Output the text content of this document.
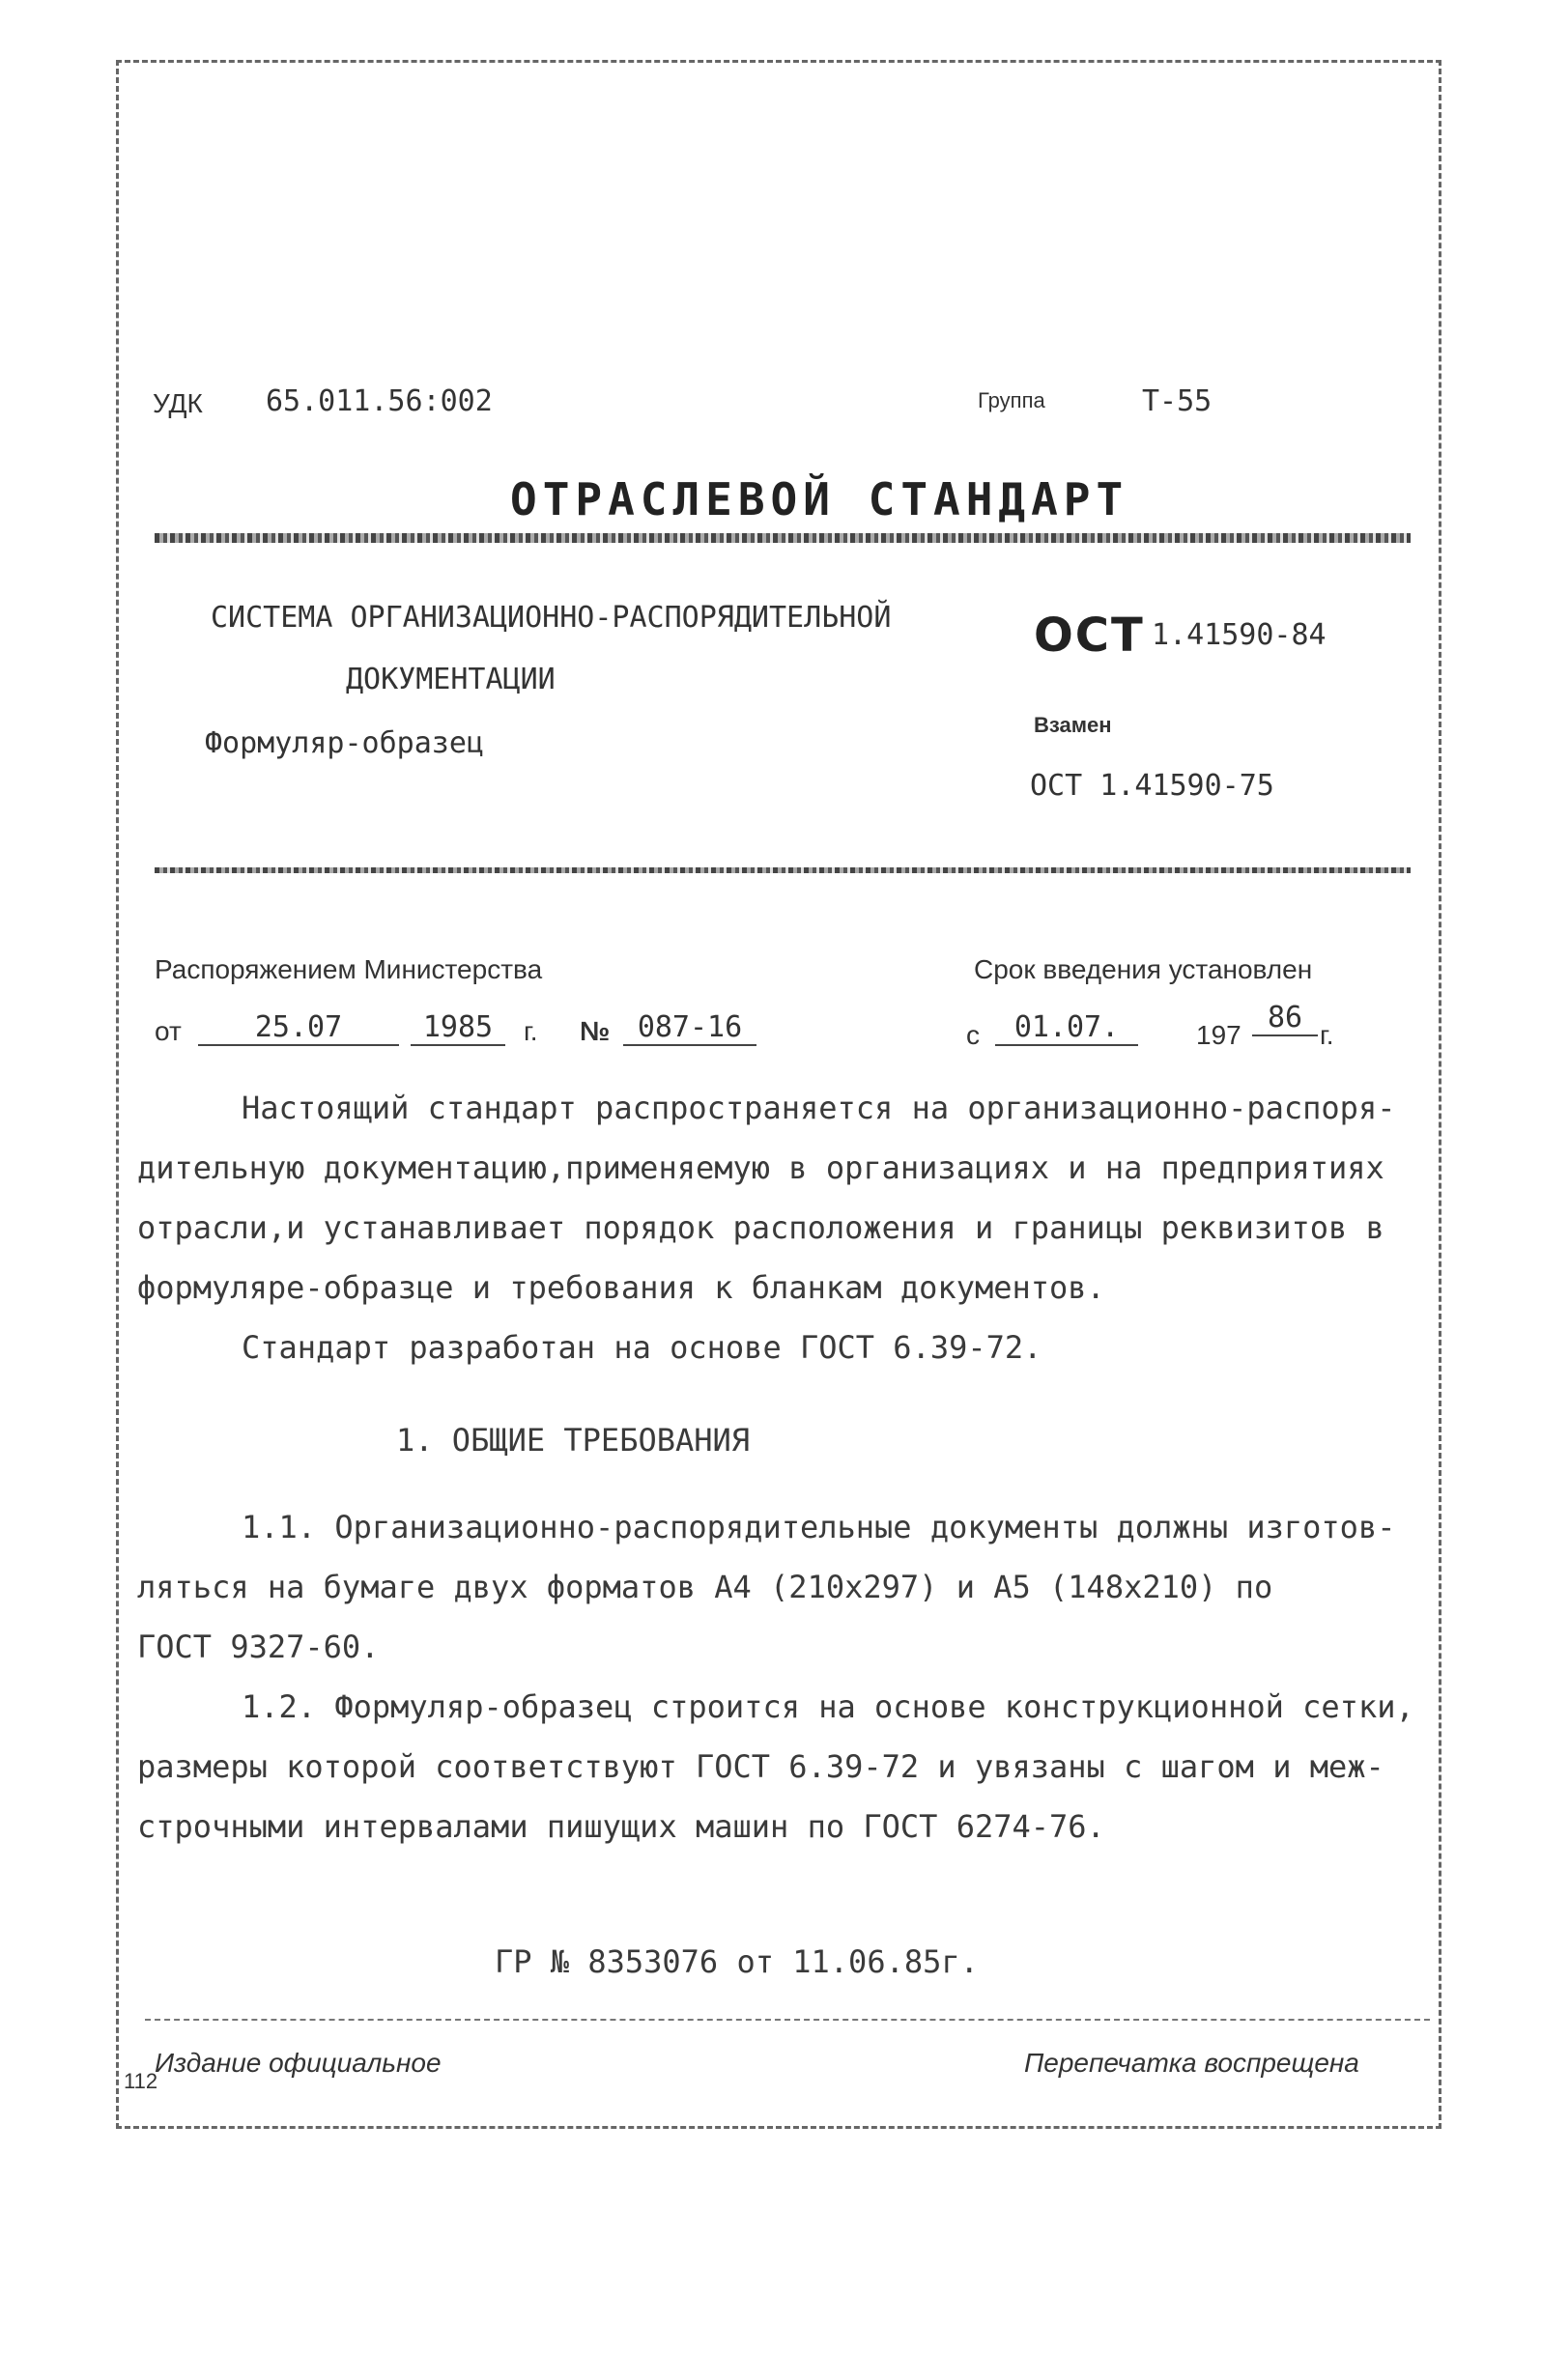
УДК 65.011.56:002	Группа	Т-55
ОТРАСЛЕВОЙ СТАНДАРТ
СИСТЕМА ОРГАНИЗАЦИОННО-РАСПОРЯДИТЕЛЬНОЙ
ДОКУМЕНТАЦИИ
Формуляр-образец
ОСТ 1.41590-84
Взамен
ОСТ 1.41590-75
Распоряжением Министерства	Срок введения установлен
от	25.07	1985	г. № 087-16	с	01.07.	197
86
г.
Настоящий стандарт распространяется на организационно-распоря-
дительную документацию,применяемую в организациях и на предприятиях
отрасли,и устанавливает порядок расположения и границы реквизитов в
формуляре-образце и требования к бланкам документов.
Стандарт разработан на основе ГОСТ 6.39-72.
1. ОБЩИЕ ТРЕБОВАНИЯ
1.1. Организационно-распорядительные документы должны изготов-
ляться на бумаге двух форматов А4 (210х297) и А5 (148х210) по
ГОСТ 9327-60.
1.2. Формуляр-образец строится на основе конструкционной сетки,
размеры которой соответствуют ГОСТ 6.39-72 и увязаны с шагом и меж-
строчными интервалами пишущих машин по ГОСТ 6274-76.
ГР № 8353076 от 11.06.85г.
Издание официальное	Перепечатка воспрещена
112
